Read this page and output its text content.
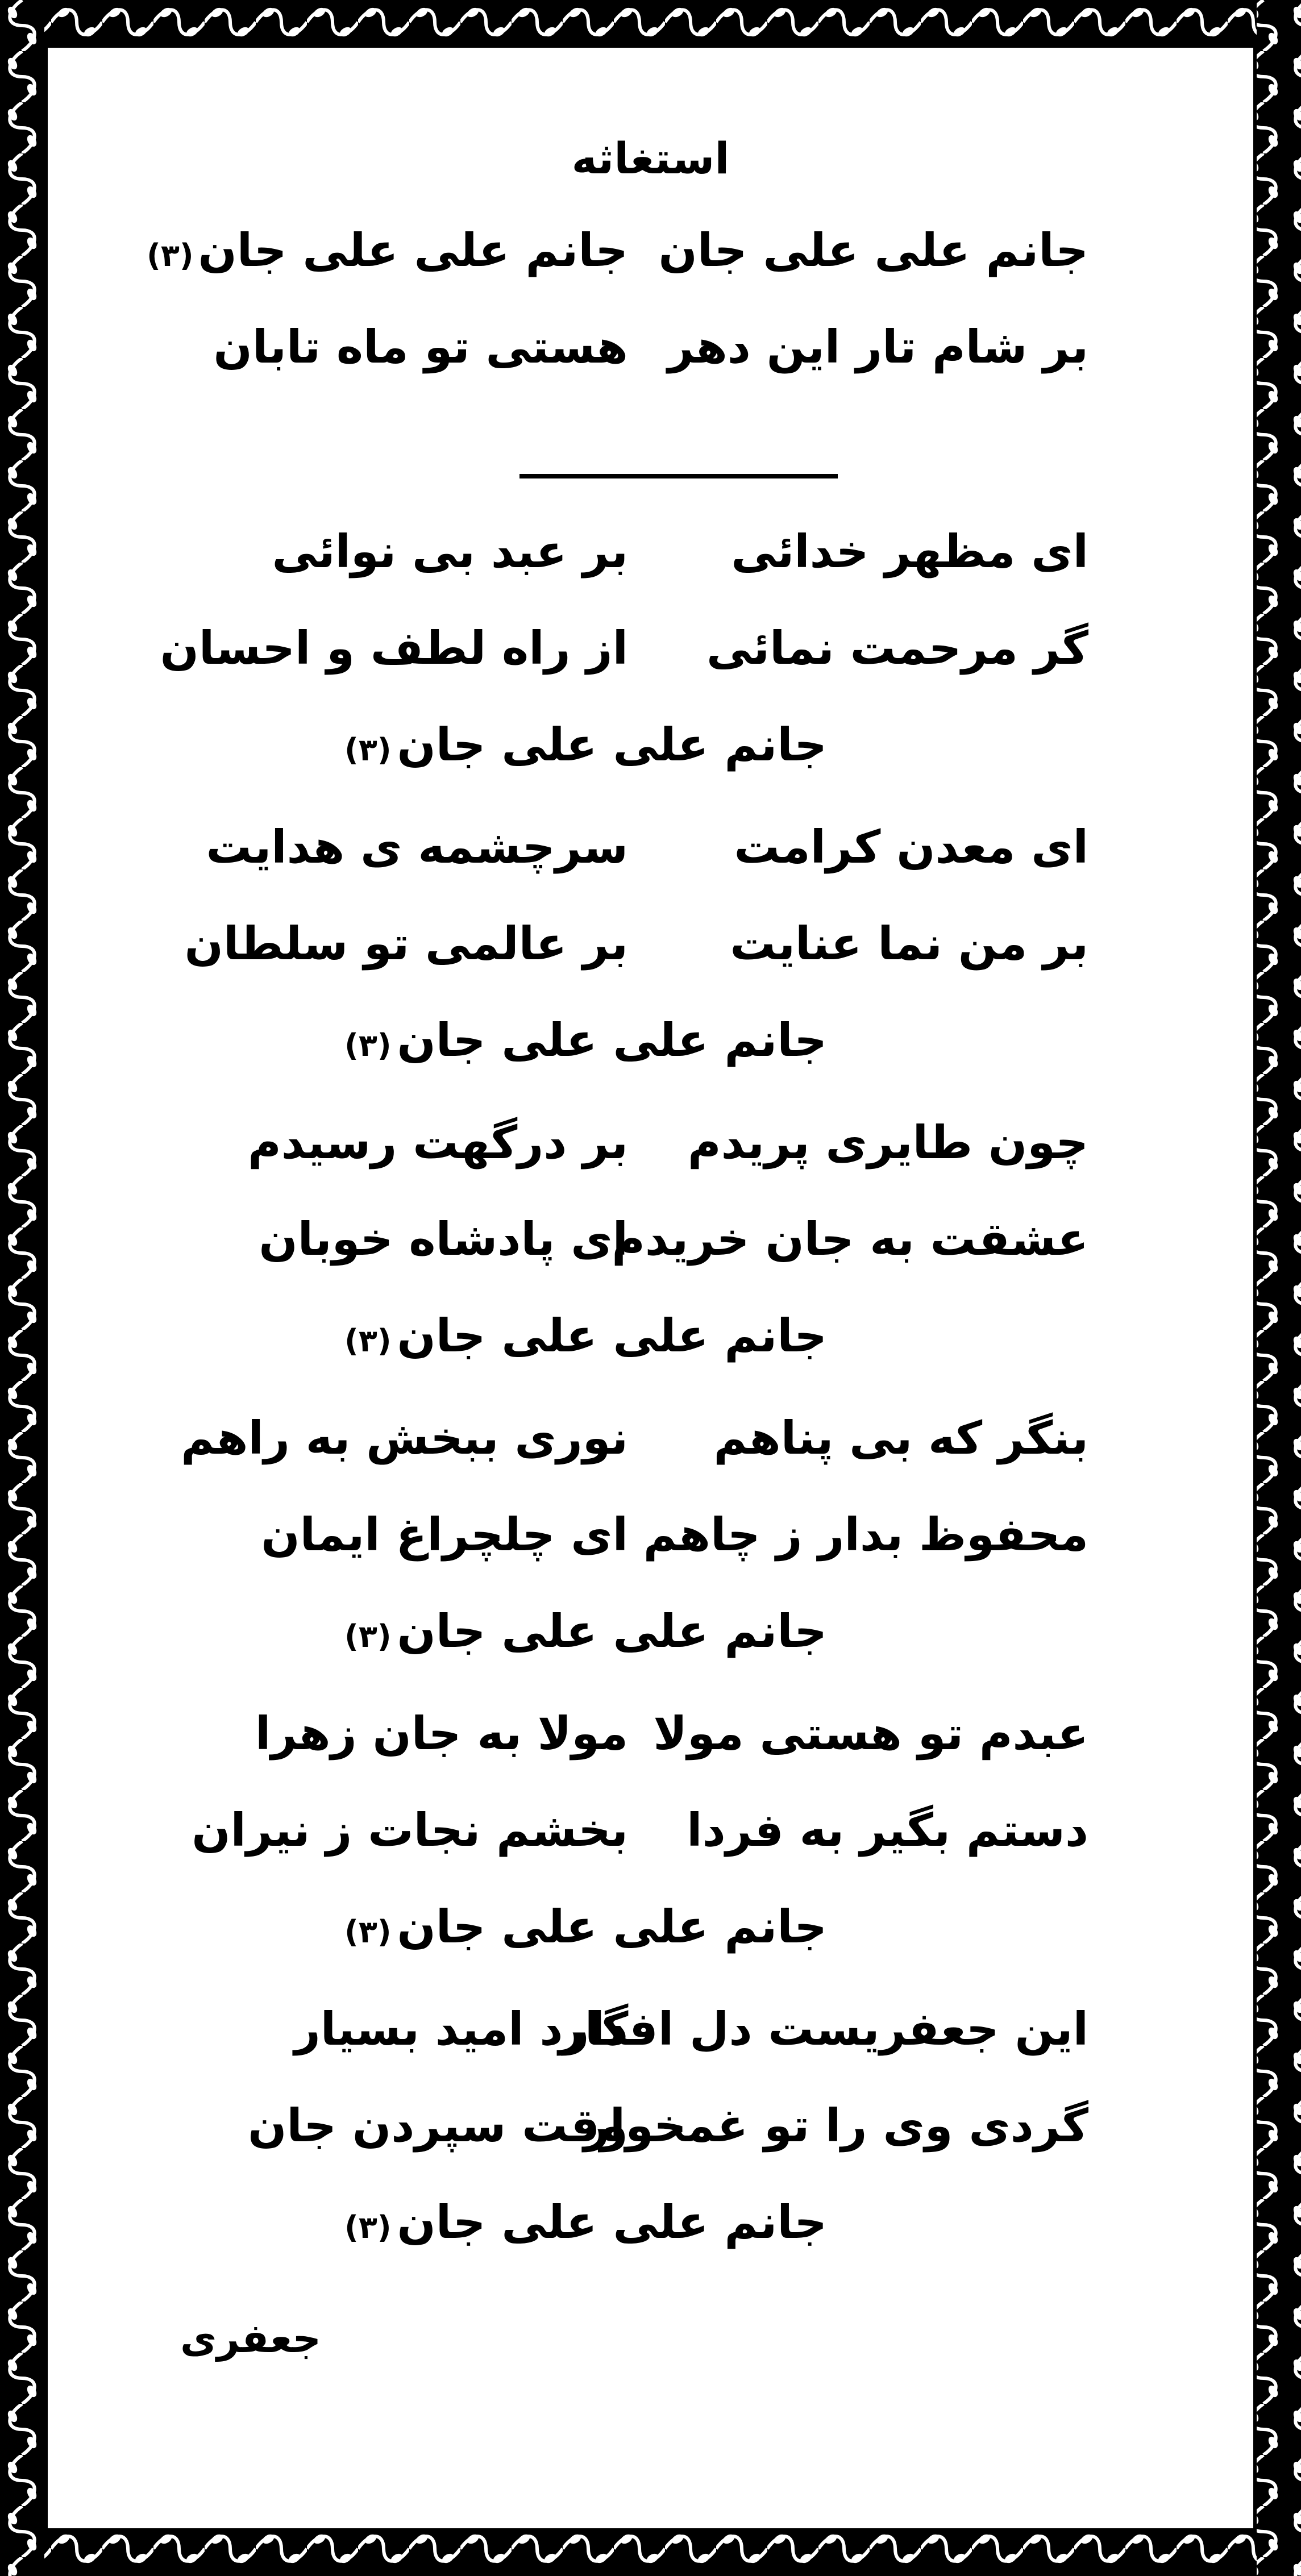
استغاثه
جانم علی علی جان
جانم علی علی جان(۳)
بر شام تار این دهر
هستی تو ماه تابان
ای مظهر خدائی
بر عبد بی نوائی
گر مرحمت نمائی
از راه لطف و احسان
جانم علی علی جان(۳)
ای معدن کرامت
سرچشمه ی هدایت
بر من نما عنایت
بر عالمی تو سلطان
جانم علی علی جان(۳)
چون طایری پریدم
بر درگهت رسیدم
عشقت به جان خریدم
ای پادشاه خوبان
جانم علی علی جان(۳)
بنگر که بی پناهم
نوری ببخش به راهم
محفوظ بدار ز چاهم
ای چلچراغ ایمان
جانم علی علی جان(۳)
عبدم تو هستی مولا
مولا به جان زهرا
دستم بگیر به فردا
بخشم نجات ز نیران
جانم علی علی جان(۳)
این جعفریست دل افگار
دارد امید بسیار
گردی وی را تو غمخوار
وقت سپردن جان
جانم علی علی جان(۳)
جعفری
